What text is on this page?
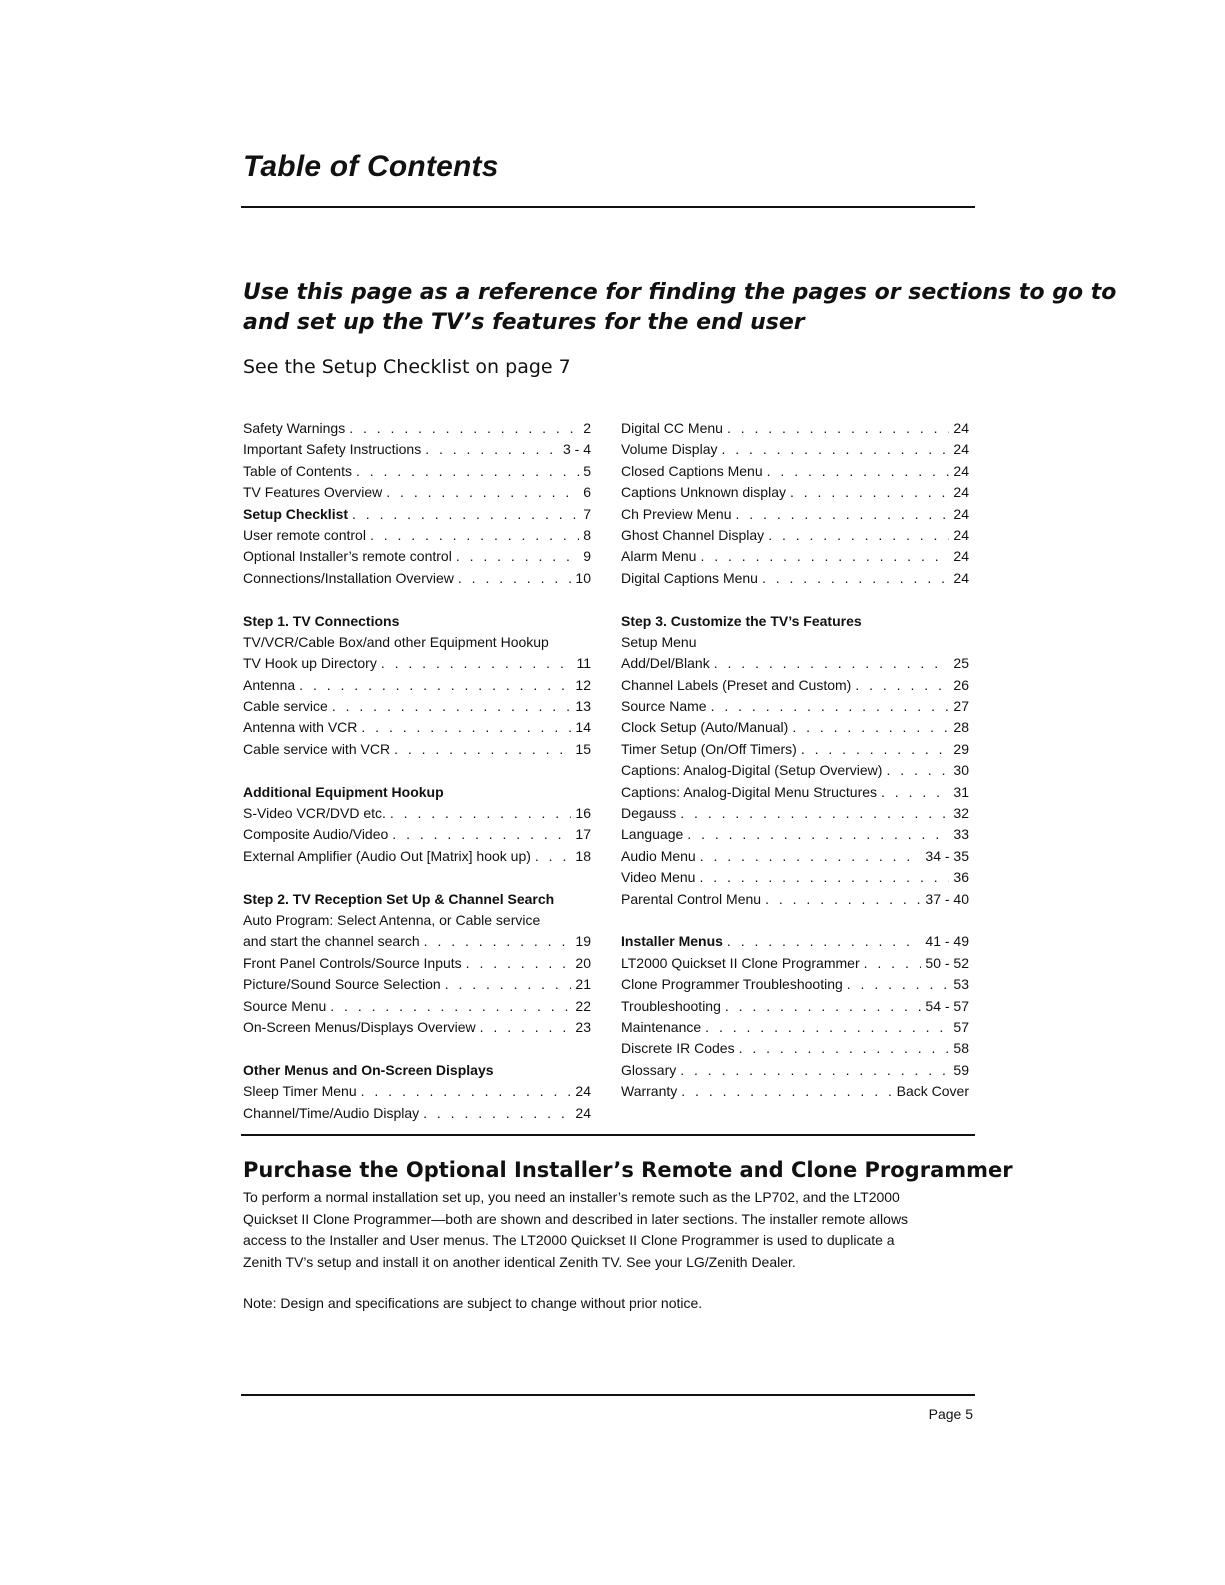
Table of Contents
Use this page as a reference for finding the pages or sections to go to
and set up the TV’s features for the end user

See the Setup Checklist on page 7

Safety Warnings . . .	2
Important Safety Instructions . . .	3 - 4
Table of Contents . . .	5
TV Features Overview . . .	6
Setup Checklist . . .	7
User remote control . . .	8
Optional Installer’s remote control . . .	9
Connections/Installation Overview . . .	10
Step 1. TV Connections
TV/VCR/Cable Box/and other Equipment Hookup
TV Hook up Directory . . .	11
Antenna . . .	12
Cable service . . .	13
Antenna with VCR . . .	14
Cable service with VCR . . .	15
Additional Equipment Hookup
S-Video VCR/DVD etc. . . .	16
Composite Audio/Video . . .	17
External Amplifier (Audio Out [Matrix] hook up) . . .	18
Step 2. TV Reception Set Up & Channel Search
Auto Program: Select Antenna, or Cable service
and start the channel search . . .	19
Front Panel Controls/Source Inputs . . .	20
Picture/Sound Source Selection . . .	21
Source Menu . . .	22
On-Screen Menus/Displays Overview . . .	23
Other Menus and On-Screen Displays
Sleep Timer Menu . . .	24
Channel/Time/Audio Display . . .	24
Digital CC Menu . . .	24
Volume Display . . .	24
Closed Captions Menu . . .	24
Captions Unknown display . . .	24
Ch Preview Menu . . .	24
Ghost Channel Display . . .	24
Alarm Menu . . .	24
Digital Captions Menu . . .	24
Step 3. Customize the TV’s Features
Setup Menu
Add/Del/Blank . . .	25
Channel Labels (Preset and Custom) . . .	26
Source Name . . .	27
Clock Setup (Auto/Manual) . . .	28
Timer Setup (On/Off Timers) . . .	29
Captions: Analog-Digital (Setup Overview) . . .	30
Captions: Analog-Digital Menu Structures . . .	31
Degauss . . .	32
Language . . .	33
Audio Menu . . .	34 - 35
Video Menu . . .	36
Parental Control Menu . . .	37 - 40
Installer Menus . . .	41 - 49
LT2000 Quickset II Clone Programmer . . .	50 - 52
Clone Programmer Troubleshooting . . .	53
Troubleshooting . . .	54 - 57
Maintenance . . .	57
Discrete IR Codes . . .	58
Glossary . . .	59
Warranty . . .	Back Cover
Purchase the Optional Installer’s Remote and Clone Programmer
To perform a normal installation set up, you need an installer’s remote such as the LP702, and the LT2000
Quickset II Clone Programmer—both are shown and described in later sections. The installer remote allows
access to the Installer and User menus. The LT2000 Quickset II Clone Programmer is used to duplicate a
Zenith TV’s setup and install it on another identical Zenith TV. See your LG/Zenith Dealer.

Note: Design and specifications are subject to change without prior notice.

Page 5
